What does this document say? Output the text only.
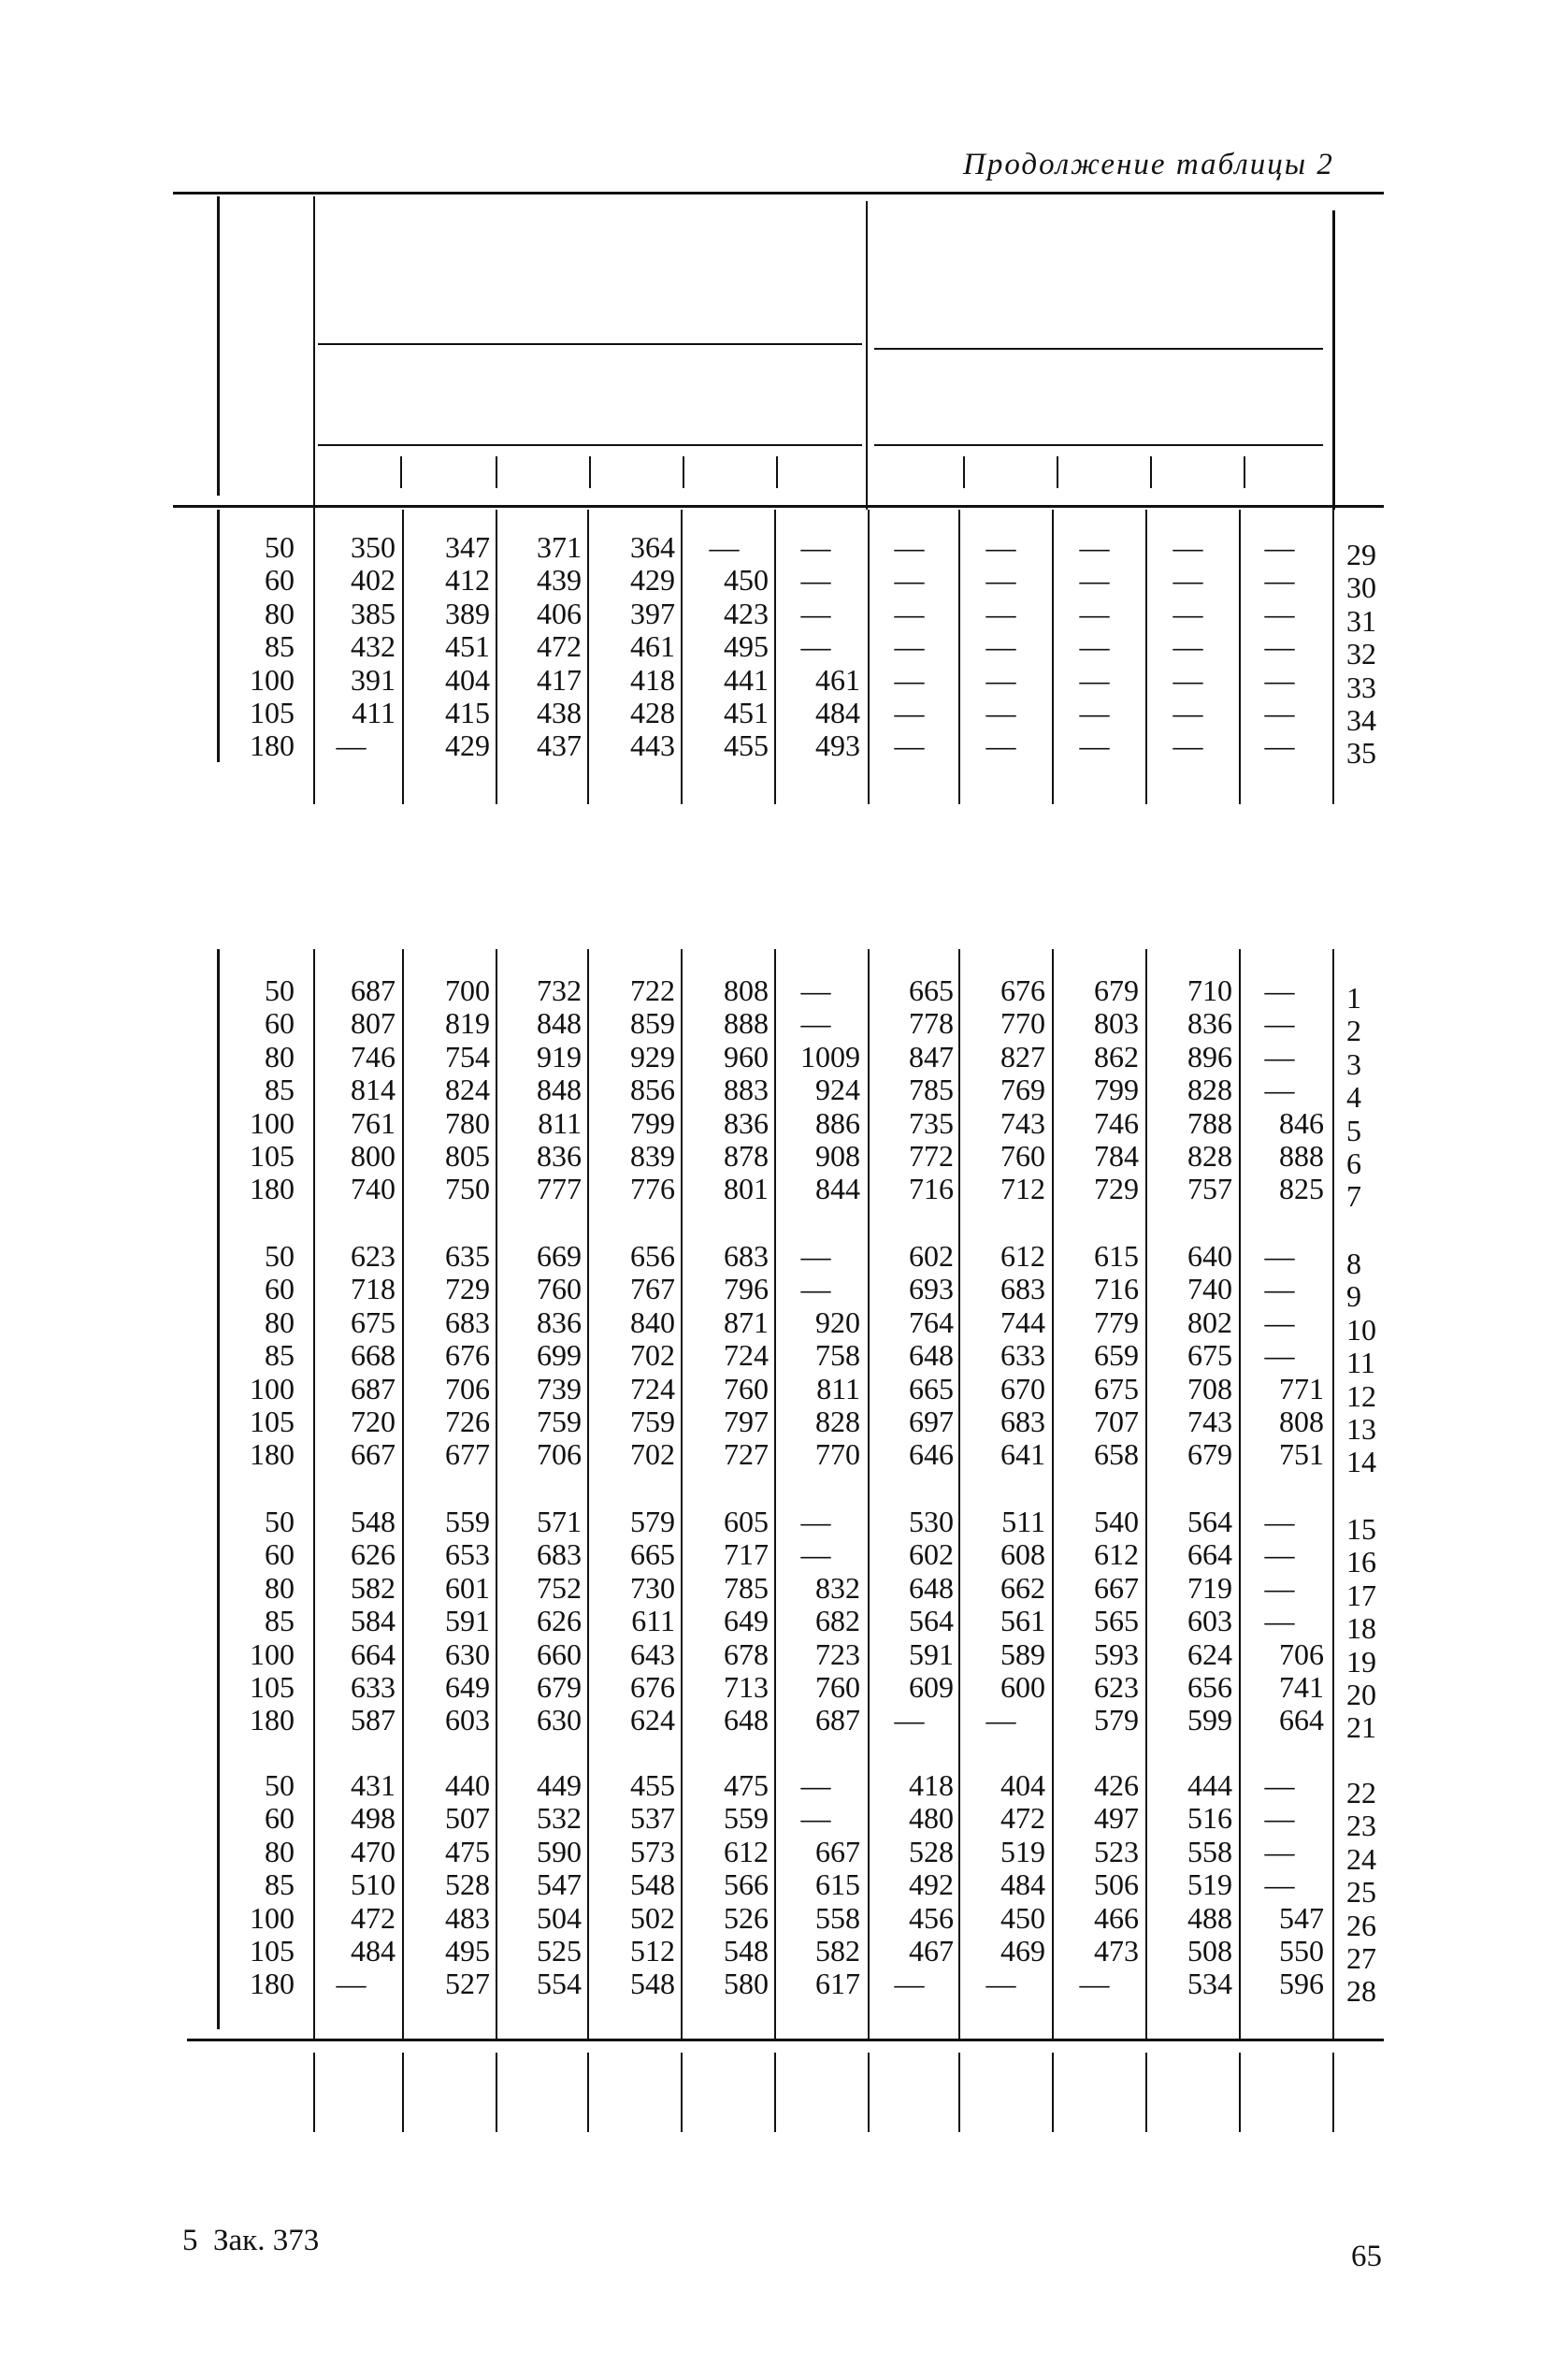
Продолжение таблицы 2
50
60
80
85
100
105
180
350
402
385
432
391
411
—
347
412
389
451
404
415
429
371
439
406
472
417
438
437
364
429
397
461
418
428
443
—
450
423
495
441
451
455
—
—
—
—
461
484
493
—
—
—
—
—
—
—
—
—
—
—
—
—
—
—
—
—
—
—
—
—
—
—
—
—
—
—
—
—
—
—
—
—
—
—
29
30
31
32
33
34
35
50
60
80
85
100
105
180
687
807
746
814
761
800
740
700
819
754
824
780
805
750
732
848
919
848
811
836
777
722
859
929
856
799
839
776
808
888
960
883
836
878
801
—
—
1009
924
886
908
844
665
778
847
785
735
772
716
676
770
827
769
743
760
712
679
803
862
799
746
784
729
710
836
896
828
788
828
757
—
—
—
—
846
888
825
1
2
3
4
5
6
7
50
60
80
85
100
105
180
623
718
675
668
687
720
667
635
729
683
676
706
726
677
669
760
836
699
739
759
706
656
767
840
702
724
759
702
683
796
871
724
760
797
727
—
—
920
758
811
828
770
602
693
764
648
665
697
646
612
683
744
633
670
683
641
615
716
779
659
675
707
658
640
740
802
675
708
743
679
—
—
—
—
771
808
751
8
9
10
11
12
13
14
50
60
80
85
100
105
180
548
626
582
584
664
633
587
559
653
601
591
630
649
603
571
683
752
626
660
679
630
579
665
730
611
643
676
624
605
717
785
649
678
713
648
—
—
832
682
723
760
687
530
602
648
564
591
609
—
511
608
662
561
589
600
—
540
612
667
565
593
623
579
564
664
719
603
624
656
599
—
—
—
—
706
741
664
15
16
17
18
19
20
21
50
60
80
85
100
105
180
431
498
470
510
472
484
—
440
507
475
528
483
495
527
449
532
590
547
504
525
554
455
537
573
548
502
512
548
475
559
612
566
526
548
580
—
—
667
615
558
582
617
418
480
528
492
456
467
—
404
472
519
484
450
469
—
426
497
523
506
466
473
—
444
516
558
519
488
508
534
—
—
—
—
547
550
596
22
23
24
25
26
27
28
5  Зак. 373	65
